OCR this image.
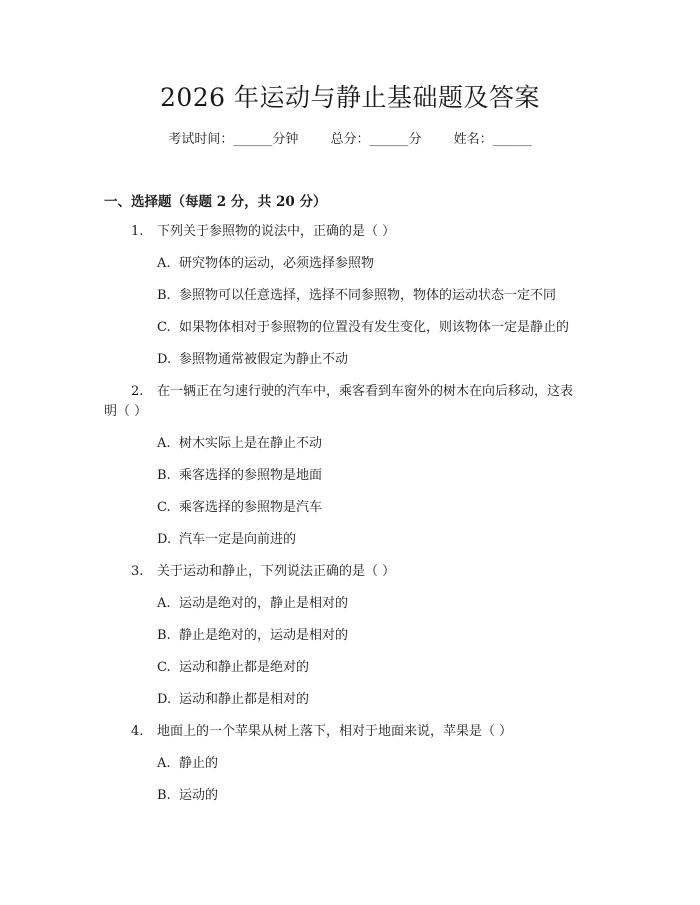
2026 年运动与静止基础题及答案
考试时间：______分钟 总分：______分 姓名：______
一、选择题（每题 2 分，共 20 分）
1. 下列关于参照物的说法中，正确的是（ ）
A. 研究物体的运动，必须选择参照物
B. 参照物可以任意选择，选择不同参照物，物体的运动状态一定不同
C. 如果物体相对于参照物的位置没有发生变化，则该物体一定是静止的
D. 参照物通常被假定为静止不动
2. 在一辆正在匀速行驶的汽车中，乘客看到车窗外的树木在向后移动，这表
明（ ）
A. 树木实际上是在静止不动
B. 乘客选择的参照物是地面
C. 乘客选择的参照物是汽车
D. 汽车一定是向前进的
3. 关于运动和静止，下列说法正确的是（ ）
A. 运动是绝对的，静止是相对的
B. 静止是绝对的，运动是相对的
C. 运动和静止都是绝对的
D. 运动和静止都是相对的
4. 地面上的一个苹果从树上落下，相对于地面来说，苹果是（ ）
A. 静止的
B. 运动的
